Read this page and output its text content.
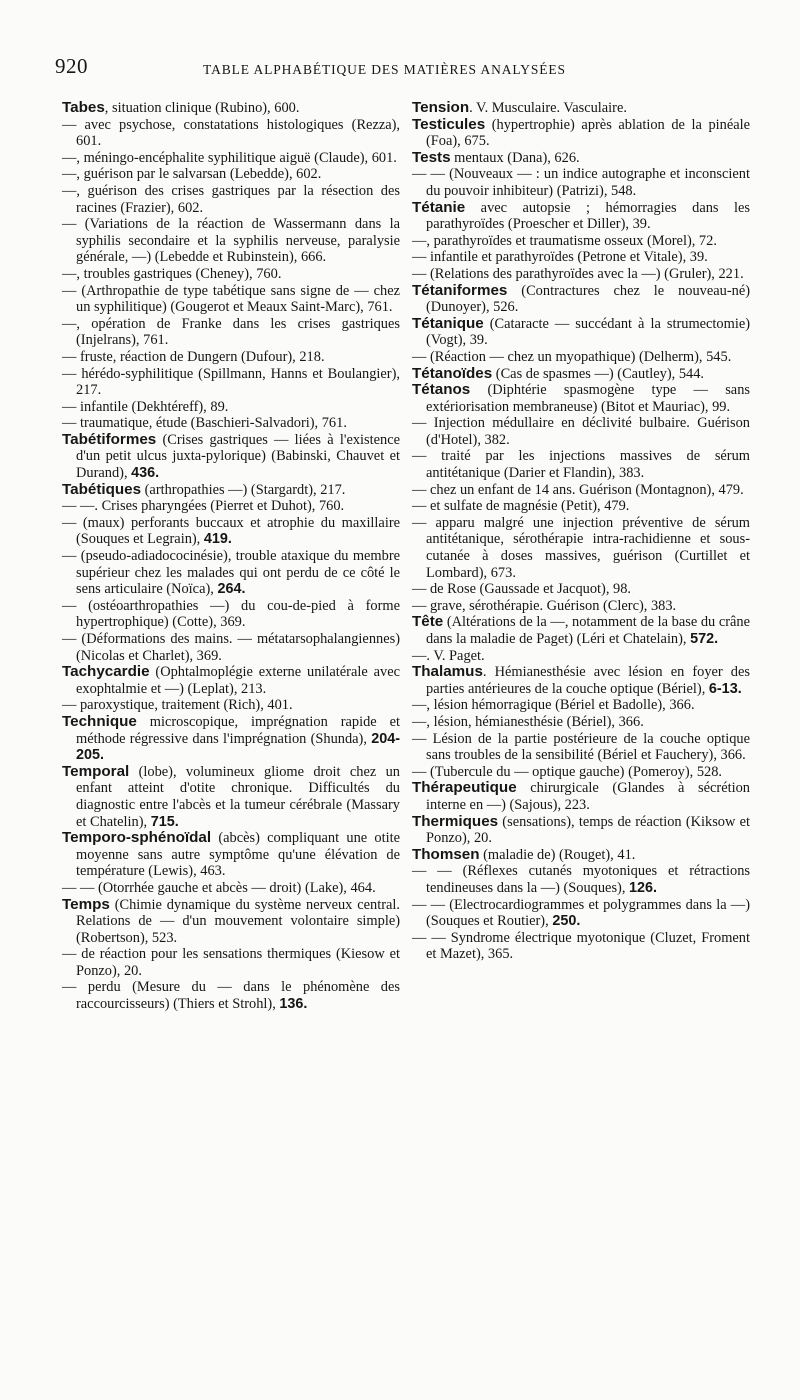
920	TABLE ALPHABÉTIQUE DES MATIÈRES ANALYSÉES

Tabes, situation clinique (Rubino), 600.

— avec psychose, constatations histologiques (Rezza), 601.

—, méningo-encéphalite syphilitique aiguë (Claude), 601.

—, guérison par le salvarsan (Lebedde), 602.

—, guérison des crises gastriques par la résection des racines (Frazier), 602.

— (Variations de la réaction de Wassermann dans la syphilis secondaire et la syphilis nerveuse, paralysie générale, —) (Lebedde et Rubinstein), 666.

—, troubles gastriques (Cheney), 760.

— (Arthropathie de type tabétique sans signe de — chez un syphilitique) (Gougerot et Meaux Saint-Marc), 761.

—, opération de Franke dans les crises gastriques (Injelrans), 761.

— fruste, réaction de Dungern (Dufour), 218.

— hérédo-syphilitique (Spillmann, Hanns et Boulangier), 217.

— infantile (Dekhtéreff), 89.

— traumatique, étude (Baschieri-Salvadori), 761.

Tabétiformes (Crises gastriques — liées à l'existence d'un petit ulcus juxta-pylorique) (Babinski, Chauvet et Durand), 436.

Tabétiques (arthropathies —) (Stargardt), 217.

— —. Crises pharyngées (Pierret et Duhot), 760.

— (maux) perforants buccaux et atrophie du maxillaire (Souques et Legrain), 419.

— (pseudo-adiadococinésie), trouble ataxique du membre supérieur chez les malades qui ont perdu de ce côté le sens articulaire (Noïca), 264.

— (ostéoarthropathies —) du cou-de-pied à forme hypertrophique) (Cotte), 369.

— (Déformations des mains. — métatarsophalangiennes) (Nicolas et Charlet), 369.

Tachycardie (Ophtalmoplégie externe unilatérale avec exophtalmie et —) (Leplat), 213.

— paroxystique, traitement (Rich), 401.

Technique microscopique, imprégnation rapide et méthode régressive dans l'imprégnation (Shunda), 204-205.

Temporal (lobe), volumineux gliome droit chez un enfant atteint d'otite chronique. Difficultés du diagnostic entre l'abcès et la tumeur cérébrale (Massary et Chatelin), 715.

Temporo-sphénoïdal (abcès) compliquant une otite moyenne sans autre symptôme qu'une élévation de température (Lewis), 463.

— — (Otorrhée gauche et abcès — droit) (Lake), 464.

Temps (Chimie dynamique du système nerveux central. Relations de — d'un mouvement volontaire simple) (Robertson), 523.

— de réaction pour les sensations thermiques (Kiesow et Ponzo), 20.

— perdu (Mesure du — dans le phénomène des raccourcisseurs) (Thiers et Strohl), 136.

Tension. V. Musculaire. Vasculaire.

Testicules (hypertrophie) après ablation de la pinéale (Foa), 675.

Tests mentaux (Dana), 626.

— — (Nouveaux — : un indice autographe et inconscient du pouvoir inhibiteur) (Patrizi), 548.

Tétanie avec autopsie ; hémorragies dans les parathyroïdes (Proescher et Diller), 39.

—, parathyroïdes et traumatisme osseux (Morel), 72.

— infantile et parathyroïdes (Petrone et Vitale), 39.

— (Relations des parathyroïdes avec la —) (Gruler), 221.

Tétaniformes (Contractures chez le nouveau-né) (Dunoyer), 526.

Tétanique (Cataracte — succédant à la strumectomie) (Vogt), 39.

— (Réaction — chez un myopathique) (Delherm), 545.

Tétanoïdes (Cas de spasmes —) (Cautley), 544.

Tétanos (Diphtérie spasmogène type — sans extériorisation membraneuse) (Bitot et Mauriac), 99.

— Injection médullaire en déclivité bulbaire. Guérison (d'Hotel), 382.

— traité par les injections massives de sérum antitétanique (Darier et Flandin), 383.

— chez un enfant de 14 ans. Guérison (Montagnon), 479.

— et sulfate de magnésie (Petit), 479.

— apparu malgré une injection préventive de sérum antitétanique, sérothérapie intra-rachidienne et sous-cutanée à doses massives, guérison (Curtillet et Lombard), 673.

— de Rose (Gaussade et Jacquot), 98.

— grave, sérothérapie. Guérison (Clerc), 383.

Tête (Altérations de la —, notamment de la base du crâne dans la maladie de Paget) (Léri et Chatelain), 572.

—. V. Paget.

Thalamus. Hémianesthésie avec lésion en foyer des parties antérieures de la couche optique (Bériel), 6-13.

—, lésion hémorragique (Bériel et Badolle), 366.

—, lésion, hémianesthésie (Bériel), 366.

— Lésion de la partie postérieure de la couche optique sans troubles de la sensibilité (Bériel et Fauchery), 366.

— (Tubercule du — optique gauche) (Pomeroy), 528.

Thérapeutique chirurgicale (Glandes à sécrétion interne en —) (Sajous), 223.

Thermiques (sensations), temps de réaction (Kiksow et Ponzo), 20.

Thomsen (maladie de) (Rouget), 41.

— — (Réflexes cutanés myotoniques et rétractions tendineuses dans la —) (Souques), 126.

— — (Electrocardiogrammes et polygrammes dans la —) (Souques et Routier), 250.

— — Syndrome électrique myotonique (Cluzet, Froment et Mazet), 365.
